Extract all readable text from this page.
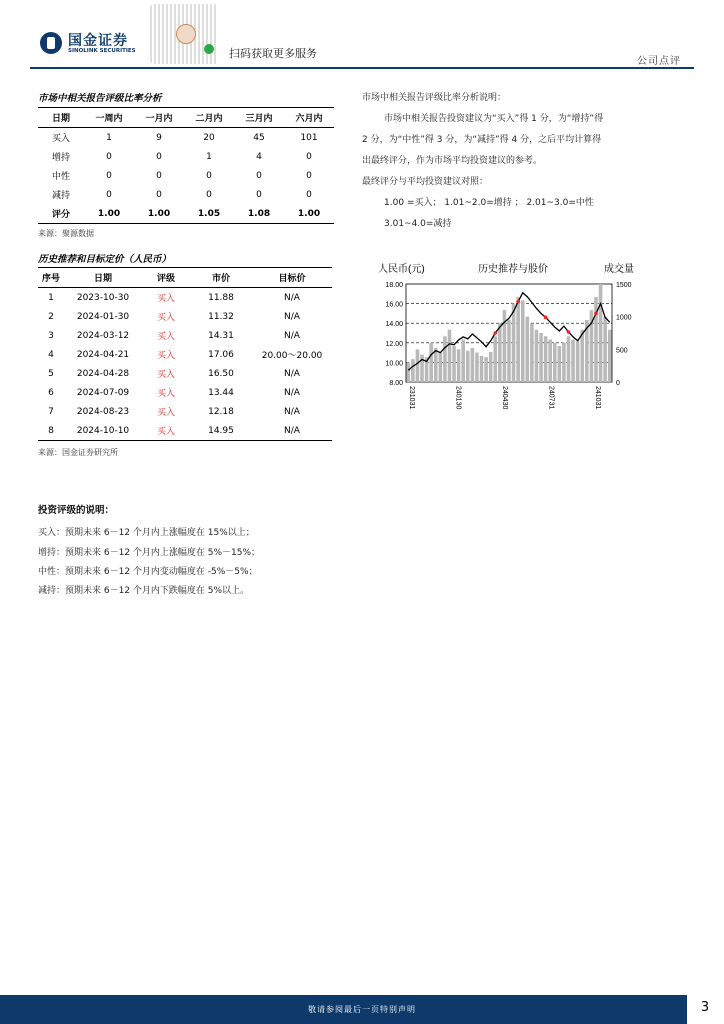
国金证券
SINOLINK SECURITIES	扫码获取更多服务
公司点评
市场中相关报告评级比率分析
日期	一周内	一月内	二月内	三月内	六月内
买入	1	9	20	45	101
增持	0	0	1	4	0
中性	0	0	0	0	0
减持	0	0	0	0	0
评分	1.00	1.00	1.05	1.08	1.00
来源：聚源数据
市场中相关报告评级比率分析说明：
市场中相关报告投资建议为“买入”得 1 分，为“增持”得
2 分，为“中性”得 3 分，为“减持”得 4 分，之后平均计算得
出最终评分，作为市场平均投资建议的参考。
最终评分与平均投资建议对照：
1.00 =买入； 1.01~2.0=增持 ； 2.01~3.0=中性
3.01~4.0=减持
历史推荐和目标定价（人民币）
序号	日期	评级	市价	目标价
1	2023-10-30	买入	11.88	N/A
2	2024-01-30	买入	11.32	N/A
3	2024-03-12	买入	14.31	N/A
4	2024-04-21	买入	17.06	20.00～20.00
5	2024-04-28	买入	16.50	N/A
6	2024-07-09	买入	13.44	N/A
7	2024-08-23	买入	12.18	N/A
8	2024-10-10	买入	14.95	N/A
来源：国金证券研究所
人民币(元)	历史推荐与股价	成交量
18.00
16.00
14.00
12.00
10.00
8.00
1500
1000
500
0
231031	240130	240430	240731	241031
投资评级的说明：
买入：预期未来 6－12 个月内上涨幅度在 15%以上；
增持：预期未来 6－12 个月内上涨幅度在 5%－15%；
中性：预期未来 6－12 个月内变动幅度在 -5%－5%；
减持：预期未来 6－12 个月内下跌幅度在 5%以上。
敬请参阅最后一页特别声明	3
